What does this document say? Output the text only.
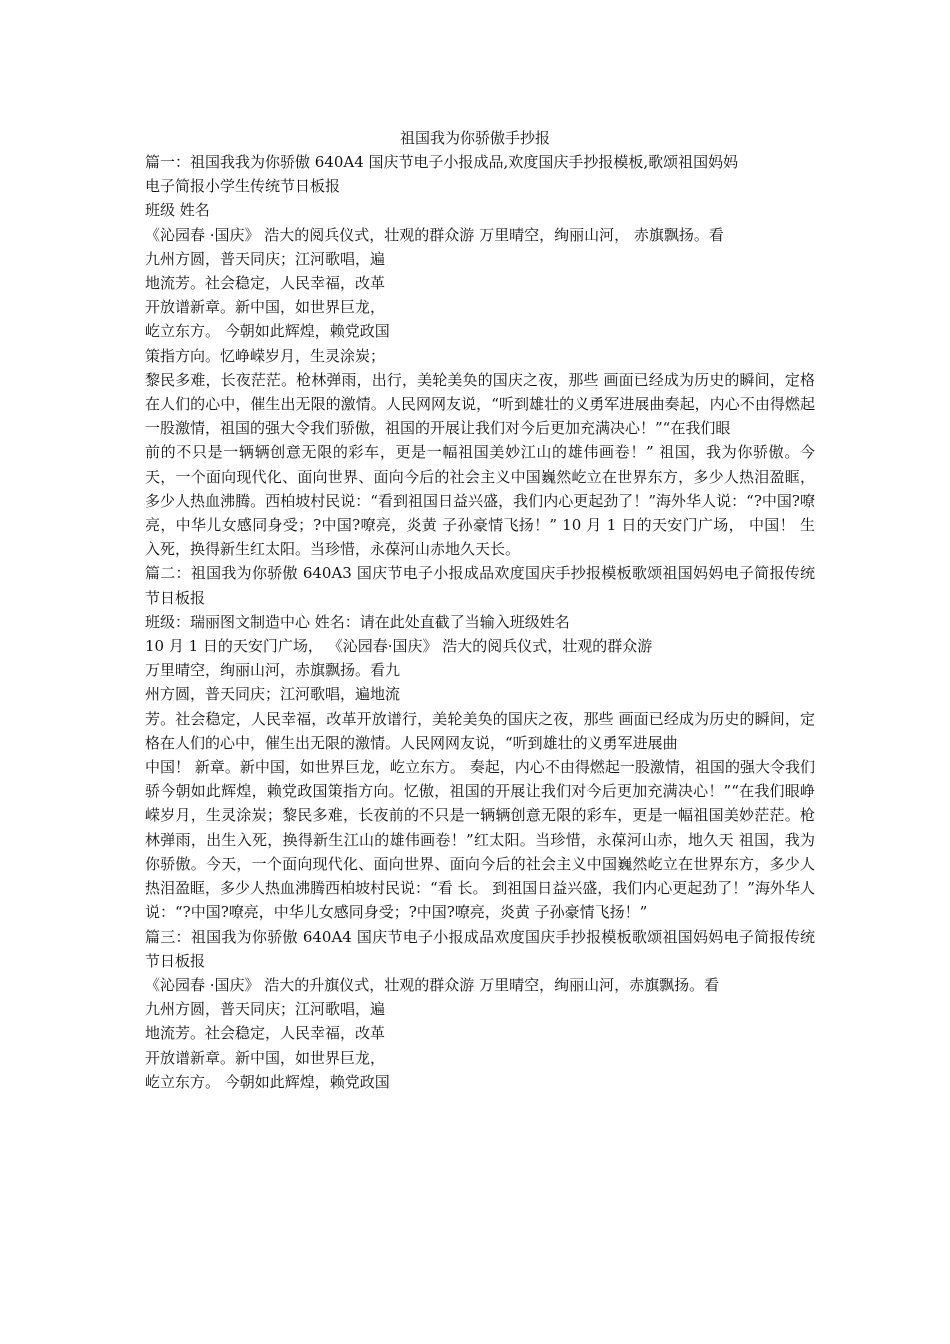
祖国我为你骄傲手抄报
篇一：祖国我我为你骄傲 640A4 国庆节电子小报成品,欢度国庆手抄报模板,歌颂祖国妈妈
电子简报小学生传统节日板报
班级 姓名
《沁园春 ·国庆》 浩大的阅兵仪式，壮观的群众游 万里晴空，绚丽山河， 赤旗飘扬。看
九州方圆，普天同庆；江河歌唱，遍
地流芳。社会稳定，人民幸福，改革
开放谱新章。新中国，如世界巨龙，
屹立东方。 今朝如此辉煌，赖党政国
策指方向。忆峥嵘岁月，生灵涂炭；
黎民多难，长夜茫茫。枪林弹雨，出行，美轮美奂的国庆之夜，那些 画面已经成为历史的瞬间，定格在人们的心中，催生出无限的激情。人民网网友说，“听到雄壮的义勇军进展曲奏起，内心不由得燃起一股激情，祖国的强大令我们骄傲，祖国的开展让我们对今后更加充满决心！”“在我们眼
前的不只是一辆辆创意无限的彩车，更是一幅祖国美妙江山的雄伟画卷！” 祖国，我为你骄傲。今天，一个面向现代化、面向世界、面向今后的社会主义中国巍然屹立在世界东方，多少人热泪盈眶，多少人热血沸腾。西柏坡村民说：“看到祖国日益兴盛，我们内心更起劲了！”海外华人说：“?中国?嘹亮，中华儿女感同身受；?中国?嘹亮，炎黄 子孙豪情飞扬！” 10 月 1 日的天安门广场， 中国！ 生入死，换得新生红太阳。当珍惜，永葆河山赤地久天长。
篇二：祖国我为你骄傲 640A3 国庆节电子小报成品欢度国庆手抄报模板歌颂祖国妈妈电子简报传统节日板报
班级：瑞丽图文制造中心 姓名：请在此处直截了当输入班级姓名
10 月 1 日的天安门广场， 《沁园春·国庆》 浩大的阅兵仪式，壮观的群众游
万里晴空，绚丽山河，赤旗飘扬。看九
州方圆，普天同庆；江河歌唱，遍地流
芳。社会稳定，人民幸福，改革开放谱行，美轮美奂的国庆之夜，那些 画面已经成为历史的瞬间，定格在人们的心中，催生出无限的激情。人民网网友说，“听到雄壮的义勇军进展曲
中国！ 新章。新中国，如世界巨龙，屹立东方。 奏起，内心不由得燃起一股激情，祖国的强大令我们骄今朝如此辉煌，赖党政国策指方向。忆傲，祖国的开展让我们对今后更加充满决心！”“在我们眼峥嵘岁月，生灵涂炭；黎民多难，长夜前的不只是一辆辆创意无限的彩车，更是一幅祖国美妙茫茫。枪林弹雨，出生入死，换得新生江山的雄伟画卷！”红太阳。当珍惜，永葆河山赤，地久天 祖国，我为你骄傲。今天，一个面向现代化、面向世界、面向今后的社会主义中国巍然屹立在世界东方，多少人热泪盈眶，多少人热血沸腾西柏坡村民说：“看 长。 到祖国日益兴盛，我们内心更起劲了！”海外华人说：“?中国?嘹亮，中华儿女感同身受；?中国?嘹亮，炎黄 子孙豪情飞扬！”
篇三：祖国我为你骄傲 640A4 国庆节电子小报成品欢度国庆手抄报模板歌颂祖国妈妈电子简报传统节日板报
《沁园春 ·国庆》 浩大的升旗仪式，壮观的群众游 万里晴空，绚丽山河，赤旗飘扬。看
九州方圆，普天同庆；江河歌唱，遍
地流芳。社会稳定，人民幸福，改革
开放谱新章。新中国，如世界巨龙，
屹立东方。 今朝如此辉煌，赖党政国
